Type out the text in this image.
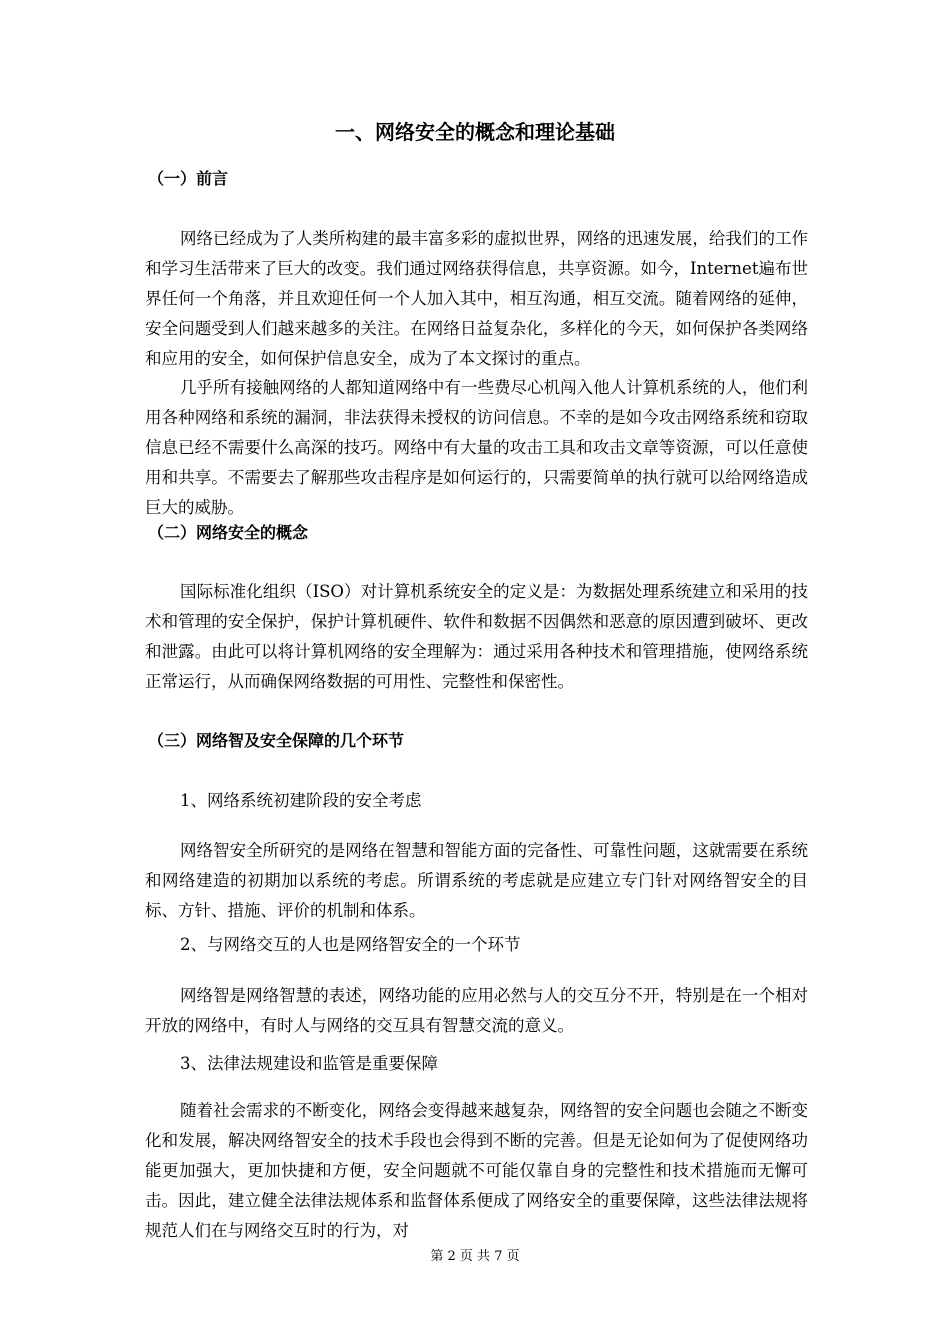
一、网络安全的概念和理论基础
（一）前言
网络已经成为了人类所构建的最丰富多彩的虚拟世界，网络的迅速发展，给我们的工作和学习生活带来了巨大的改变。我们通过网络获得信息，共享资源。如今，Internet遍布世界任何一个角落，并且欢迎任何一个人加入其中，相互沟通，相互交流。随着网络的延伸，安全问题受到人们越来越多的关注。在网络日益复杂化，多样化的今天，如何保护各类网络和应用的安全，如何保护信息安全，成为了本文探讨的重点。
几乎所有接触网络的人都知道网络中有一些费尽心机闯入他人计算机系统的人，他们利用各种网络和系统的漏洞，非法获得未授权的访问信息。不幸的是如今攻击网络系统和窃取信息已经不需要什么高深的技巧。网络中有大量的攻击工具和攻击文章等资源，可以任意使用和共享。不需要去了解那些攻击程序是如何运行的，只需要简单的执行就可以给网络造成巨大的威胁。
（二）网络安全的概念
国际标准化组织（ISO）对计算机系统安全的定义是：为数据处理系统建立和采用的技术和管理的安全保护，保护计算机硬件、软件和数据不因偶然和恶意的原因遭到破坏、更改和泄露。由此可以将计算机网络的安全理解为：通过采用各种技术和管理措施，使网络系统正常运行，从而确保网络数据的可用性、完整性和保密性。
（三）网络智及安全保障的几个环节
1、网络系统初建阶段的安全考虑
网络智安全所研究的是网络在智慧和智能方面的完备性、可靠性问题，这就需要在系统和网络建造的初期加以系统的考虑。所谓系统的考虑就是应建立专门针对网络智安全的目标、方针、措施、评价的机制和体系。
2、与网络交互的人也是网络智安全的一个环节
网络智是网络智慧的表述，网络功能的应用必然与人的交互分不开，特别是在一个相对开放的网络中，有时人与网络的交互具有智慧交流的意义。
3、法律法规建设和监管是重要保障
随着社会需求的不断变化，网络会变得越来越复杂，网络智的安全问题也会随之不断变化和发展，解决网络智安全的技术手段也会得到不断的完善。但是无论如何为了促使网络功能更加强大，更加快捷和方便，安全问题就不可能仅靠自身的完整性和技术措施而无懈可击。因此，建立健全法律法规体系和监督体系便成了网络安全的重要保障，这些法律法规将规范人们在与网络交互时的行为，对
第 2 页 共 7 页
